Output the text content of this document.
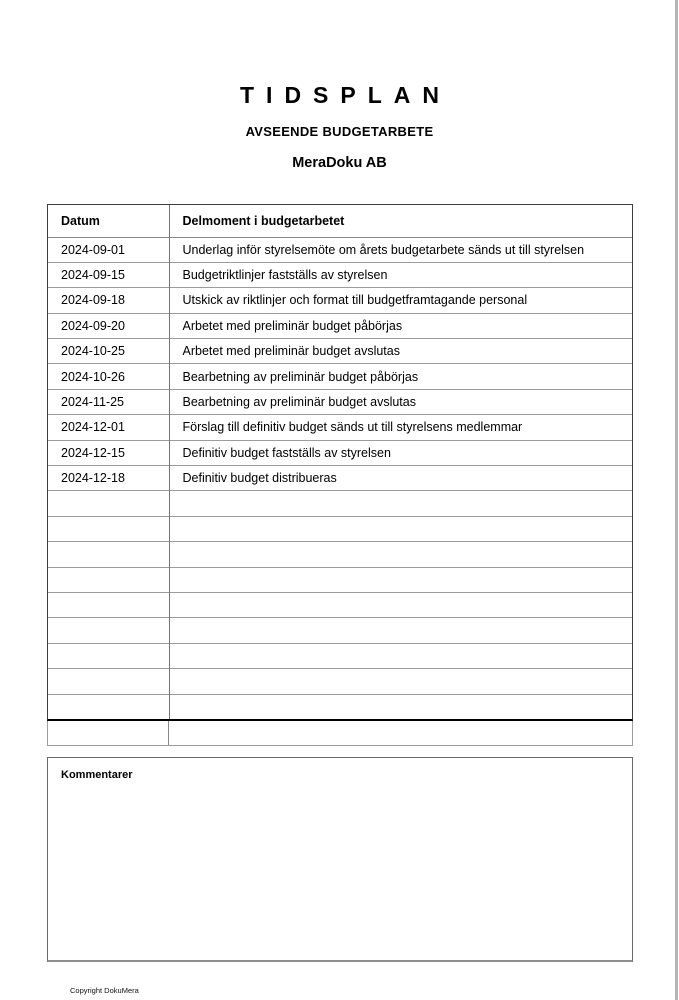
TIDSPLAN
AVSEENDE BUDGETARBETE
MeraDoku AB
Datum	Delmoment i budgetarbetet
2024-09-01	Underlag inför styrelsemöte om årets budgetarbete sänds ut till styrelsen
2024-09-15	Budgetriktlinjer fastställs av styrelsen
2024-09-18	Utskick av riktlinjer och format till budgetframtagande personal
2024-09-20	Arbetet med preliminär budget påbörjas
2024-10-25	Arbetet med preliminär budget avslutas
2024-10-26	Bearbetning av preliminär budget påbörjas
2024-11-25	Bearbetning av preliminär budget avslutas
2024-12-01	Förslag till definitiv budget sänds ut till styrelsens medlemmar
2024-12-15	Definitiv budget fastställs av styrelsen
2024-12-18	Definitiv budget distribueras

Kommentarer
Copyright DokuMera
